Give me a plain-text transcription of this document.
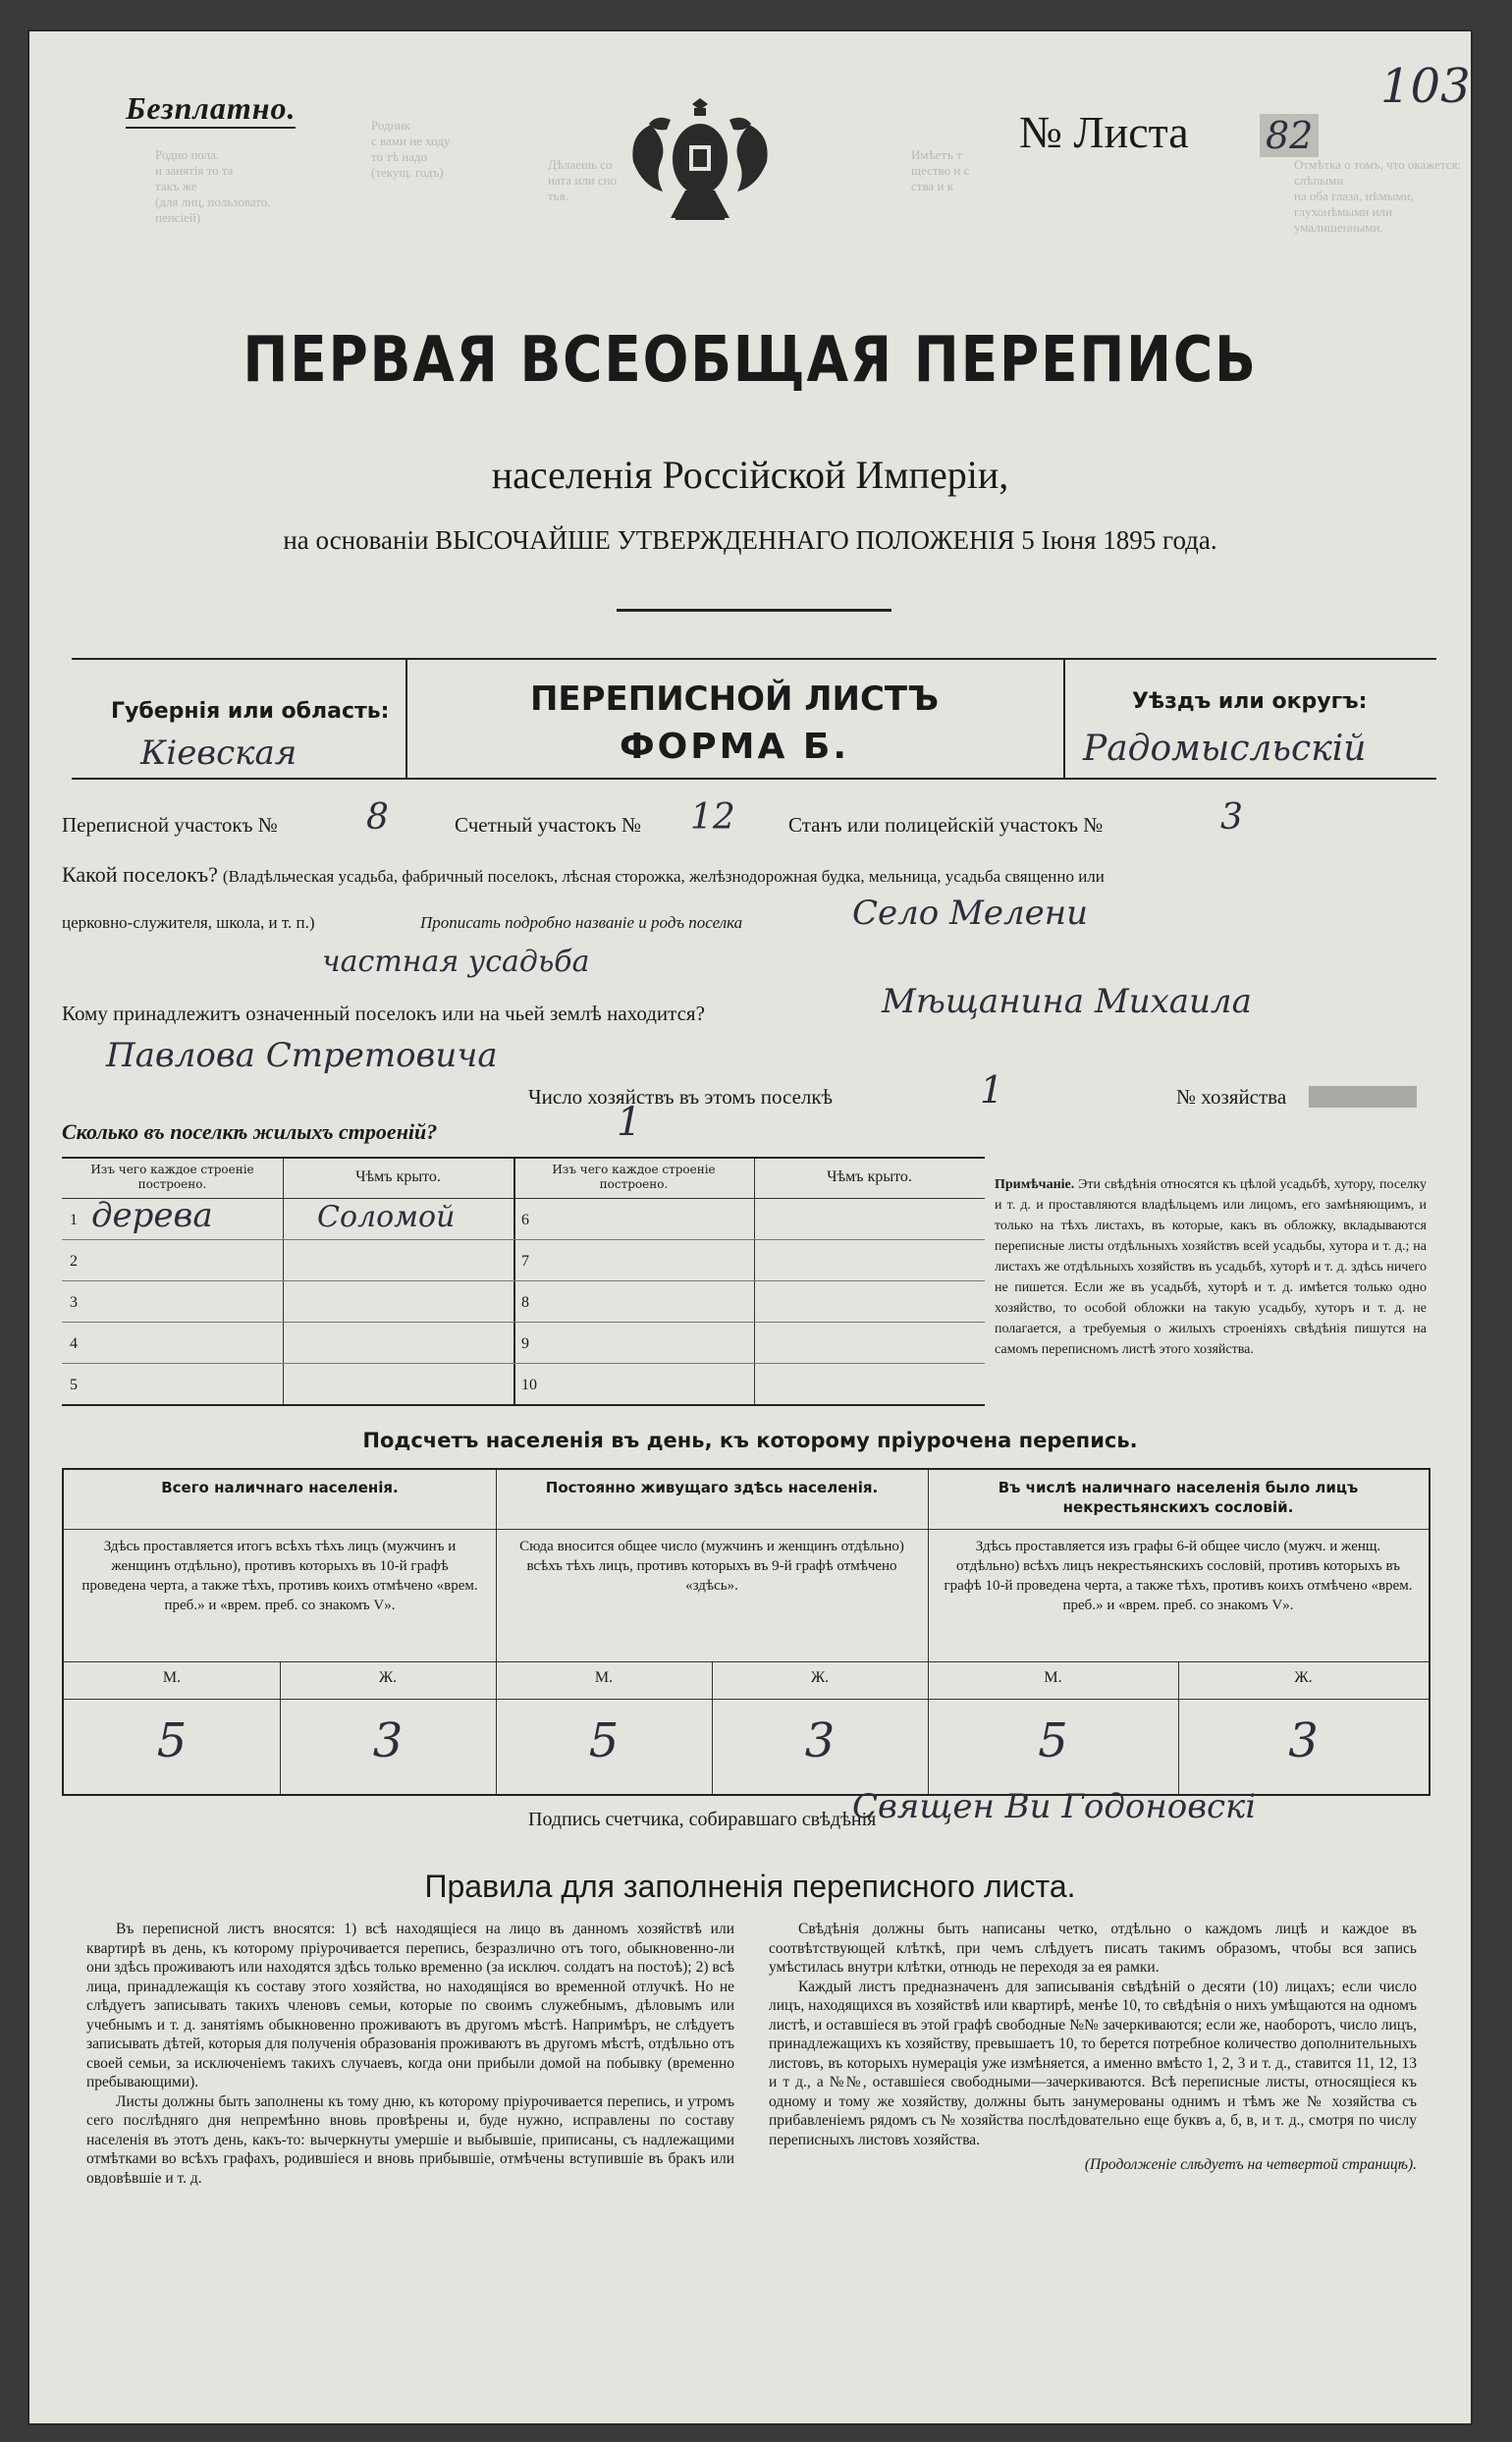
Родно пола.
и занятія то та
такъ же
(для лиц, пользовато.
пенсіей)
Родник
с вами не ходу
то тѣ надо
(текущ. годъ)
Дѣлаешь со
ната или сно
тья.
Имѣетъ т
щество и с
ства и к
Отмѣтка о томъ, что окажется: слѣпыми
на оба глаза, нѣмыми, глухонѣмыми или
умалишенными.
Безплатно.	№ Листа 82
103
ПЕРВАЯ ВСЕОБЩАЯ ПЕРЕПИСЬ
населенія Россійской Имперіи,
на основаніи ВЫСОЧАЙШЕ УТВЕРЖДЕННАГО ПОЛОЖЕНІЯ 5 Іюня 1895 года.
Губернія или область:
Кіевская
ПЕРЕПИСНОЙ ЛИСТЪ
ФОРМА Б.
Уѣздъ или округъ:
Радомысльскій
Переписной участокъ №	8	Счетный участокъ № 12	Станъ или полицейскій участокъ №	3
Какой поселокъ? (Владѣльческая усадьба, фабричный поселокъ, лѣсная сторожка, желѣзнодорожная будка, мельница, усадьба священно или
церковно-служителя, школа, и т. п.)	Прописать подробно названіе и родъ поселка	Село Мелени
частная усадьба
Кому принадлежитъ означенный поселокъ или на чьей землѣ находится?	Мѣщанина Михаила
Павлова Стретовича
Число хозяйствъ въ этомъ поселкѣ	1	№ хозяйства
Сколько въ поселкѣ жилыхъ строеній?	1
Изъ чего каждое строеніе построено.	Чѣмъ крыто.	Изъ чего каждое строеніе построено.	Чѣмъ крыто.
1 дерева	Соломой
2
3
4
5
6
7
8
9
10
Примѣчаніе. Эти свѣдѣнія относятся къ цѣлой усадьбѣ, хутору, поселку и т. д. и проставляются владѣльцемъ или лицомъ, его замѣняющимъ, и только на тѣхъ листахъ, въ которые, какъ въ обложку, вкладываются переписные листы отдѣльныхъ хозяйствъ всей усадьбы, хутора и т. д.; на листахъ же отдѣльныхъ хозяйствъ въ усадьбѣ, хуторѣ и т. д. здѣсь ничего не пишется. Если же въ усадьбѣ, хуторѣ и т. д. имѣется только одно хозяйство, то особой обложки на такую усадьбу, хуторъ и т. д. не полагается, а требуемыя о жилыхъ строеніяхъ свѣдѣнія пишутся на самомъ переписномъ листѣ этого хозяйства.
Подсчетъ населенія въ день, къ которому пріурочена перепись.
Всего наличнаго населенія.
Здѣсь проставляется итогъ всѣхъ тѣхъ лицъ (мужчинъ и женщинъ отдѣльно), противъ которыхъ въ 10-й графѣ проведена черта, а также тѣхъ, противъ коихъ отмѣчено «врем. преб.» и «врем. преб. со знакомъ V».
М.	Ж.
5	3
Постоянно живущаго здѣсь населенія.
Сюда вносится общее число (мужчинъ и женщинъ отдѣльно) всѣхъ тѣхъ лицъ, противъ которыхъ въ 9-й графѣ отмѣчено «здѣсь».
М.	Ж.
5	3
Въ числѣ наличнаго населенія было лицъ некрестьянскихъ сословій.
Здѣсь проставляется изъ графы 6-й общее число (мужч. и женщ. отдѣльно) всѣхъ лицъ некрестьянскихъ сословій, противъ которыхъ въ графѣ 10-й проведена черта, а также тѣхъ, противъ коихъ отмѣчено «врем. преб.» и «врем. преб. со знакомъ V».
М.	Ж.
5	3
Подпись счетчика, собиравшаго свѣдѣнія
Священ Ви Годоновскі
Правила для заполненія переписного листа.
Въ переписной листъ вносятся: 1) всѣ находящіеся на лицо въ данномъ хозяйствѣ или квартирѣ въ день, къ которому пріурочивается перепись, безразлично отъ того, обыкновенно-ли они здѣсь проживаютъ или находятся здѣсь только временно (за исключ. солдатъ на постоѣ); 2) всѣ лица, принадлежащія къ составу этого хозяйства, но находящіяся во временной отлучкѣ. Но не слѣдуетъ записывать такихъ членовъ семьи, которые по своимъ служебнымъ, дѣловымъ или учебнымъ и т. д. занятіямъ обыкновенно проживаютъ въ другомъ мѣстѣ. Напримѣръ, не слѣдуетъ записывать дѣтей, которыя для полученія образованія проживаютъ въ другомъ мѣстѣ, отдѣльно отъ своей семьи, за исключеніемъ такихъ случаевъ, когда они прибыли домой на побывку (временно пребывающими).
Листы должны быть заполнены къ тому дню, къ которому пріурочивается перепись, и утромъ сего послѣдняго дня непремѣнно вновь провѣрены и, буде нужно, исправлены по составу населенія въ этотъ день, какъ-то: вычеркнуты умершіе и выбывшіе, приписаны, съ надлежащими отмѣтками во всѣхъ графахъ, родившіеся и вновь прибывшіе, отмѣчены вступившіе въ бракъ или овдовѣвшіе и т. д.
Свѣдѣнія должны быть написаны четко, отдѣльно о каждомъ лицѣ и каждое въ соотвѣтствующей клѣткѣ, при чемъ слѣдуетъ писать такимъ образомъ, чтобы вся запись умѣстилась внутри клѣтки, отнюдь не переходя за ея рамки.
Каждый листъ предназначенъ для записыванія свѣдѣній о десяти (10) лицахъ; если число лицъ, находящихся въ хозяйствѣ или квартирѣ, менѣе 10, то свѣдѣнія о нихъ умѣщаются на одномъ листѣ, и оставшіеся въ этой графѣ свободные №№ зачеркиваются; если же, наоборотъ, число лицъ, принадлежащихъ къ хозяйству, превышаетъ 10, то берется потребное количество дополнительныхъ листовъ, въ которыхъ нумерація уже измѣняется, а именно вмѣсто 1, 2, 3 и т. д., ставится 11, 12, 13 и т д., а №№, оставшіеся свободными—зачеркиваются. Всѣ переписные листы, относящіеся къ одному и тому же хозяйству, должны быть занумерованы однимъ и тѣмъ же № хозяйства съ прибавленіемъ рядомъ съ № хозяйства послѣдовательно еще буквъ а, б, в, и т. д., смотря по числу переписныхъ листовъ хозяйства.
(Продолженіе слѣдуетъ на четвертой страницѣ).
